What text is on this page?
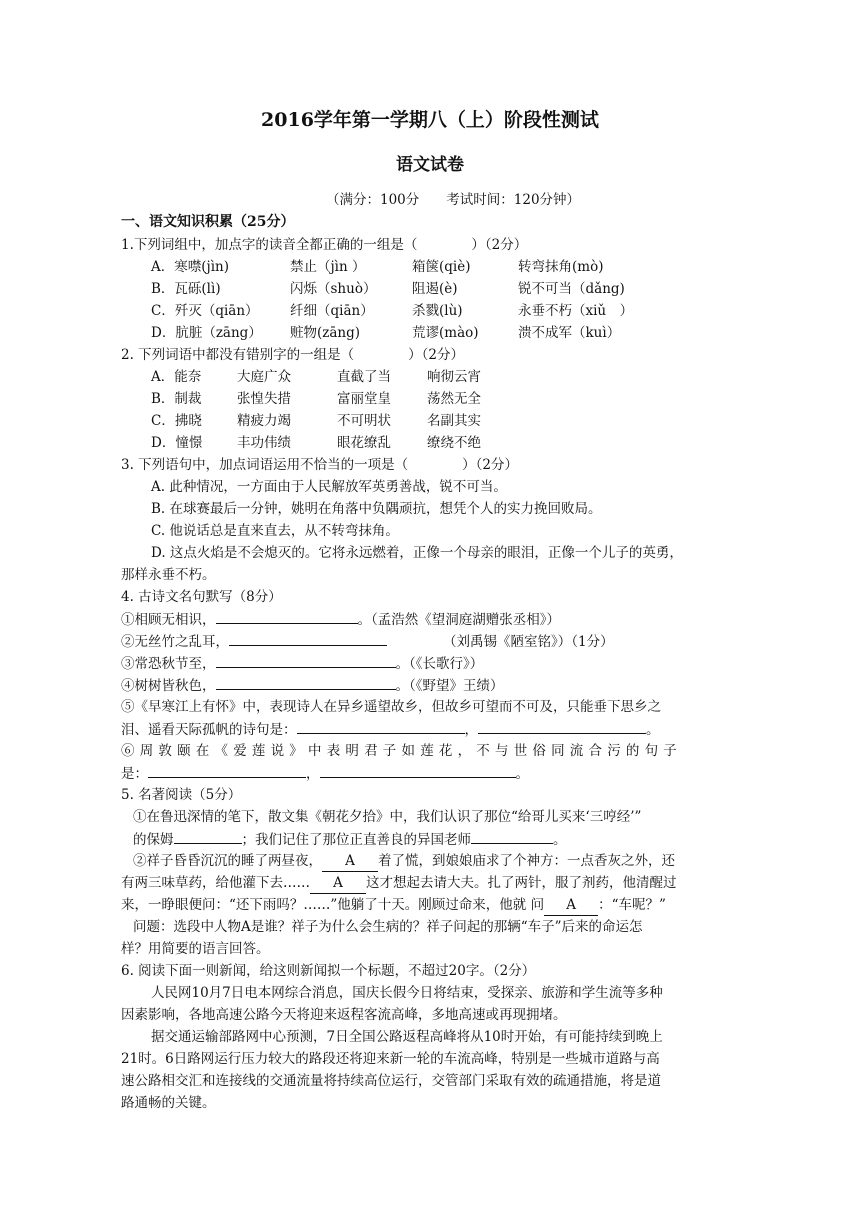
2016学年第一学期八（上）阶段性测试
语文试卷
（满分：100分　　考试时间：120分钟）
一、语文知识积累（25分）
1.下列词组中，加点字的读音全都正确的一组是（　　　　）（2分）
A．寒噤(jìn)	禁止（jìn ）	箱箧(qiè)	转弯抹角(mò)
B．瓦砾(lì)	闪烁（shuò）	阻遏(è)	锐不可当（dǎng)
C．歼灭（qiān） 纤细（qiān）	杀戮(lù)	永垂不朽（xiǔ　）
D．肮脏（zāng） 赃物(zāng)	荒谬(mào)	溃不成军（kuì）
2. 下列词语中都没有错别字的一组是（　　　　）（2分）
A．能奈	大庭广众	直截了当	响彻云宵
B．制裁	张惶失措	富丽堂皇	荡然无全
C．拂晓	精疲力竭	不可明状	名副其实
D．憧憬	丰功伟绩	眼花缭乱	缭绕不绝
3. 下列语句中，加点词语运用不恰当的一项是（　　　　）（2分）
A. 此种情况，一方面由于人民解放军英勇善战，锐不可当。
B. 在球赛最后一分钟，姚明在角落中负隅顽抗，想凭个人的实力挽回败局。
C. 他说话总是直来直去，从不转弯抹角。
D. 这点火焰是不会熄灭的。它将永远燃着，正像一个母亲的眼泪，正像一个儿子的英勇，
那样永垂不朽。
4. 古诗文名句默写（8分）
①相顾无相识，	。（孟浩然《望洞庭湖赠张丞相》）
②无丝竹之乱耳，	（刘禹锡《陋室铭》）（1分）
③常恐秋节至，	。（《长歌行》）
④树树皆秋色，	。（《野望》王绩）
⑤《早寒江上有怀》中，表现诗人在异乡遥望故乡，但故乡可望而不可及，只能垂下思乡之
泪、遥看天际孤帆的诗句是：	，	。
⑥周敦颐在《爱莲说》中表明君子如莲花，不与世俗同流合污的句子
是：	，	。
5. 名著阅读（5分）
①在鲁迅深情的笔下，散文集《朝花夕拾》中，我们认识了那位“给哥儿买来‘三哼经’”
的保姆	；我们记住了那位正直善良的异国老师	。
②祥子昏昏沉沉的睡了两昼夜， A 着了慌，到娘娘庙求了个神方：一点香灰之外，还
有两三味草药，给他灌下去…… A 这才想起去请大夫。扎了两针，服了剂药，他清醒过
来，一睁眼便问：“还下雨吗？……”他躺了十天。刚顾过命来，他就 问 A ：“车呢？”
问题：选段中人物A是谁？祥子为什么会生病的？祥子问起的那辆“车子”后来的命运怎
样？用简要的语言回答。
6. 阅读下面一则新闻，给这则新闻拟一个标题，不超过20字。（2分）
人民网10月7日电本网综合消息，国庆长假今日将结束，受探亲、旅游和学生流等多种
因素影响，各地高速公路今天将迎来返程客流高峰，多地高速或再现拥堵。
据交通运输部路网中心预测，7日全国公路返程高峰将从10时开始，有可能持续到晚上
21时。6日路网运行压力较大的路段还将迎来新一轮的车流高峰，特别是一些城市道路与高
速公路相交汇和连接线的交通流量将持续高位运行，交管部门采取有效的疏通措施，将是道
路通畅的关键。
